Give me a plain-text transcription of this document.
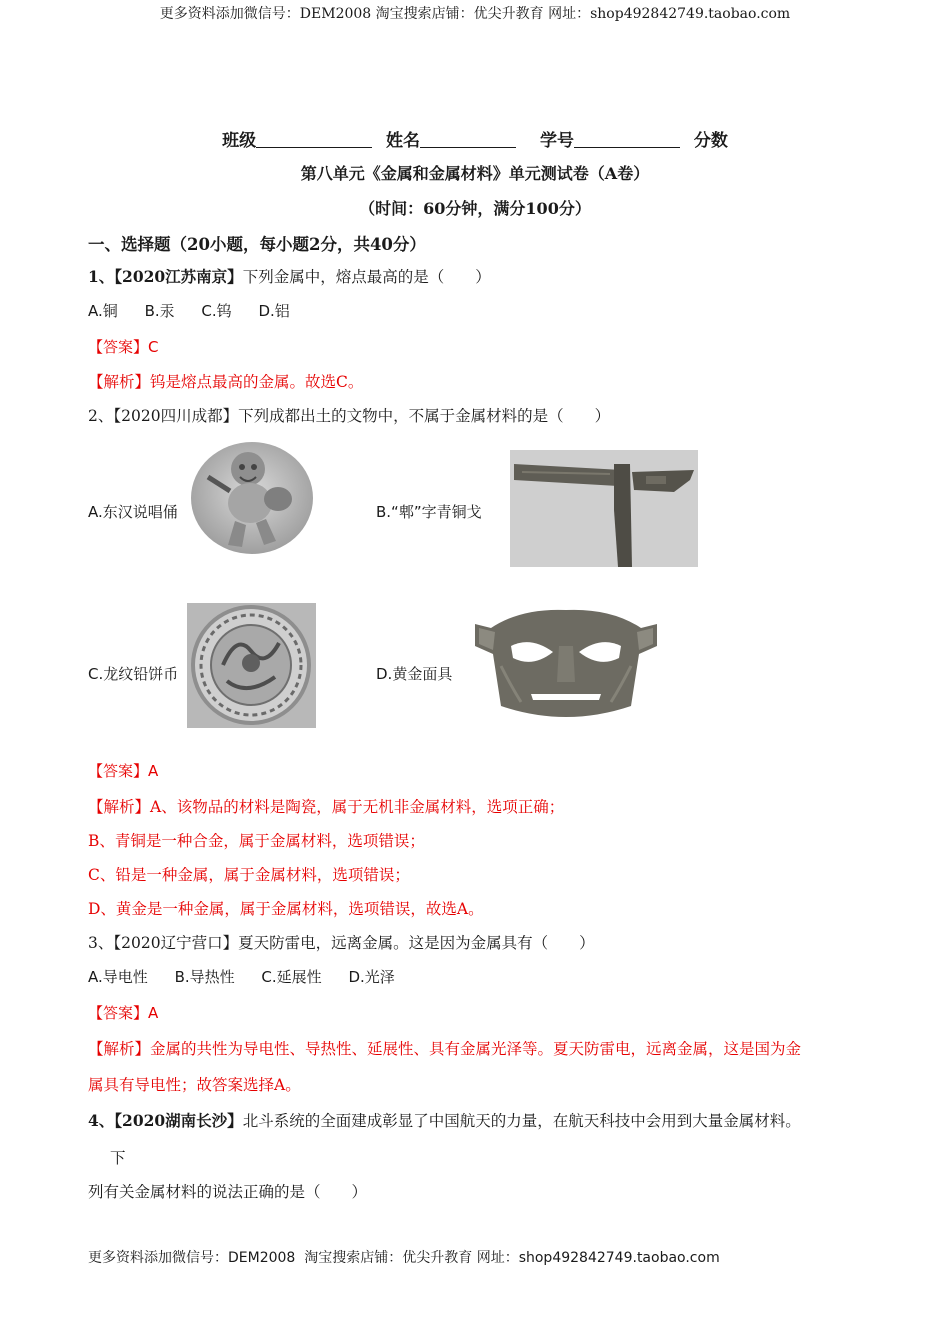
更多资料添加微信号：DEM2008 淘宝搜索店铺：优尖升教育 网址：shop492842749.taobao.com
班级	姓名	学号	分数
第八单元《金属和金属材料》单元测试卷（A卷）
（时间：60分钟，满分100分）
一、选择题（20小题，每小题2分，共40分）
1、【2020江苏南京】下列金属中，熔点最高的是（　　）
A.铜 B.汞 C.钨 D.铝
【答案】C
【解析】钨是熔点最高的金属。故选C。
2、【2020四川成都】下列成都出土的文物中，不属于金属材料的是（　　）
A.东汉说唱俑	B.“郫”字青铜戈
C.龙纹铅饼币	D.黄金面具
【答案】A
【解析】A、该物品的材料是陶瓷，属于无机非金属材料，选项正确；
B、青铜是一种合金，属于金属材料，选项错误；
C、铅是一种金属，属于金属材料，选项错误；
D、黄金是一种金属，属于金属材料，选项错误，故选A。
3、【2020辽宁营口】夏天防雷电，远离金属。这是因为金属具有（　　）
A.导电性 B.导热性 C.延展性 D.光泽
【答案】A
【解析】金属的共性为导电性、导热性、延展性、具有金属光泽等。夏天防雷电，远离金属，这是国为金
属具有导电性；故答案选择A。
4、【2020湖南长沙】北斗系统的全面建成彰显了中国航天的力量，在航天科技中会用到大量金属材料。
下
列有关金属材料的说法正确的是（　　）
更多资料添加微信号：DEM2008  淘宝搜索店铺：优尖升教育 网址：shop492842749.taobao.com
